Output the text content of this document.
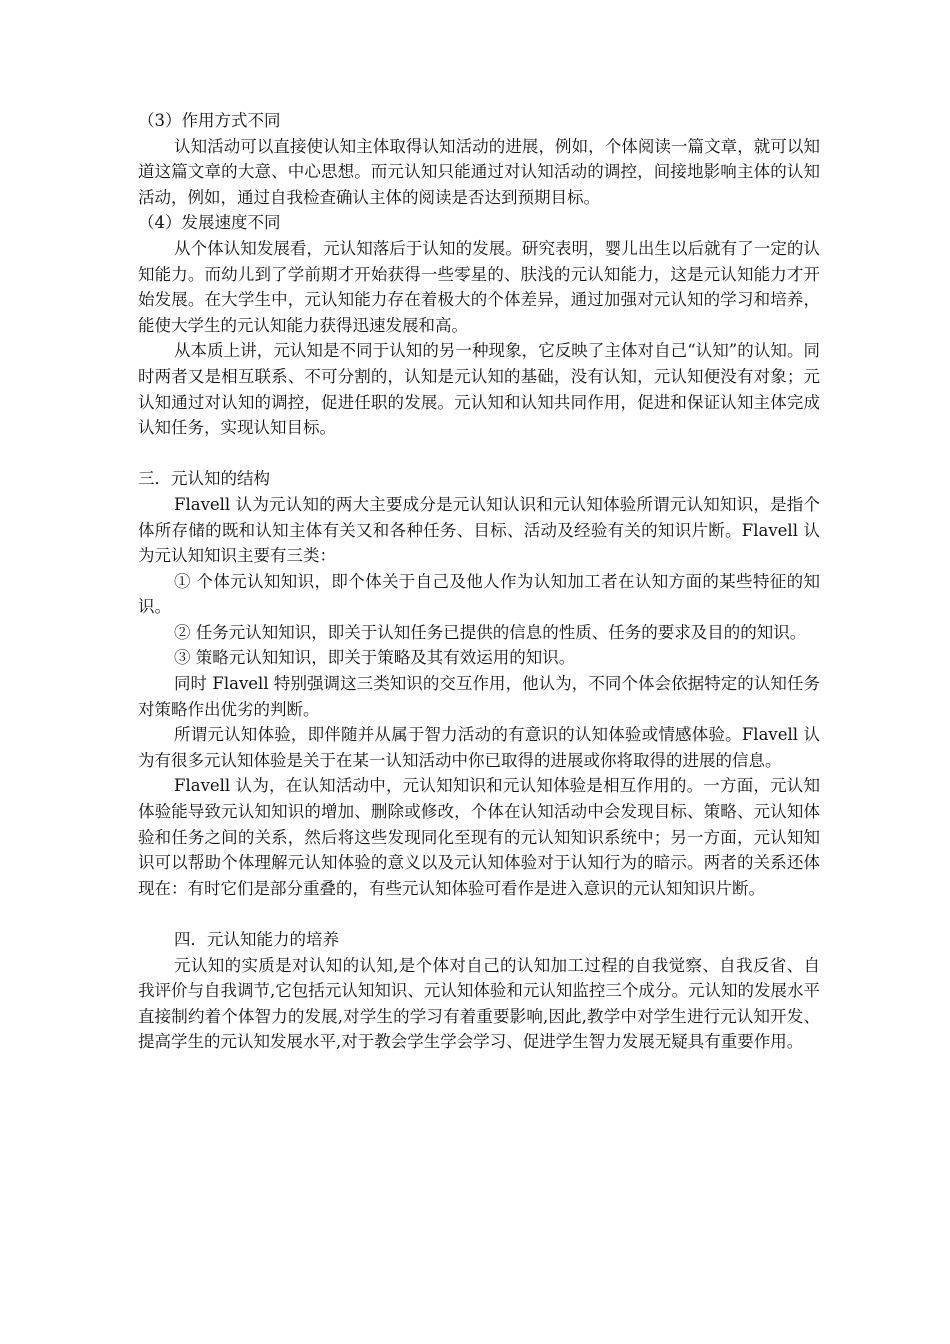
（3）作用方式不同

认知活动可以直接使认知主体取得认知活动的进展，例如，个体阅读一篇文章，就可以知道这篇文章的大意、中心思想。而元认知只能通过对认知活动的调控，间接地影响主体的认知活动，例如，通过自我检查确认主体的阅读是否达到预期目标。

（4）发展速度不同

从个体认知发展看，元认知落后于认知的发展。研究表明，婴儿出生以后就有了一定的认知能力。而幼儿到了学前期才开始获得一些零星的、肤浅的元认知能力，这是元认知能力才开始发展。在大学生中，元认知能力存在着极大的个体差异，通过加强对元认知的学习和培养，能使大学生的元认知能力获得迅速发展和高。

从本质上讲，元认知是不同于认知的另一种现象，它反映了主体对自己“认知”的认知。同时两者又是相互联系、不可分割的，认知是元认知的基础，没有认知，元认知便没有对象；元认知通过对认知的调控，促进任职的发展。元认知和认知共同作用，促进和保证认知主体完成认知任务，实现认知目标。

三．元认知的结构

Flavell 认为元认知的两大主要成分是元认知认识和元认知体验所谓元认知知识，是指个体所存储的既和认知主体有关又和各种任务、目标、活动及经验有关的知识片断。Flavell 认为元认知知识主要有三类：

① 个体元认知知识，即个体关于自己及他人作为认知加工者在认知方面的某些特征的知识。

② 任务元认知知识，即关于认知任务已提供的信息的性质、任务的要求及目的的知识。

③ 策略元认知知识，即关于策略及其有效运用的知识。

同时 Flavell 特别强调这三类知识的交互作用，他认为，不同个体会依据特定的认知任务对策略作出优劣的判断。

所谓元认知体验，即伴随并从属于智力活动的有意识的认知体验或情感体验。Flavell 认为有很多元认知体验是关于在某一认知活动中你已取得的进展或你将取得的进展的信息。

Flavell 认为，在认知活动中，元认知知识和元认知体验是相互作用的。一方面，元认知体验能导致元认知知识的增加、删除或修改，个体在认知活动中会发现目标、策略、元认知体验和任务之间的关系，然后将这些发现同化至现有的元认知知识系统中；另一方面，元认知知识可以帮助个体理解元认知体验的意义以及元认知体验对于认知行为的暗示。两者的关系还体现在：有时它们是部分重叠的，有些元认知体验可看作是进入意识的元认知知识片断。

四．元认知能力的培养

元认知的实质是对认知的认知,是个体对自己的认知加工过程的自我觉察、自我反省、自我评价与自我调节,它包括元认知知识、元认知体验和元认知监控三个成分。元认知的发展水平直接制约着个体智力的发展,对学生的学习有着重要影响,因此,教学中对学生进行元认知开发、提高学生的元认知发展水平,对于教会学生学会学习、促进学生智力发展无疑具有重要作用。
